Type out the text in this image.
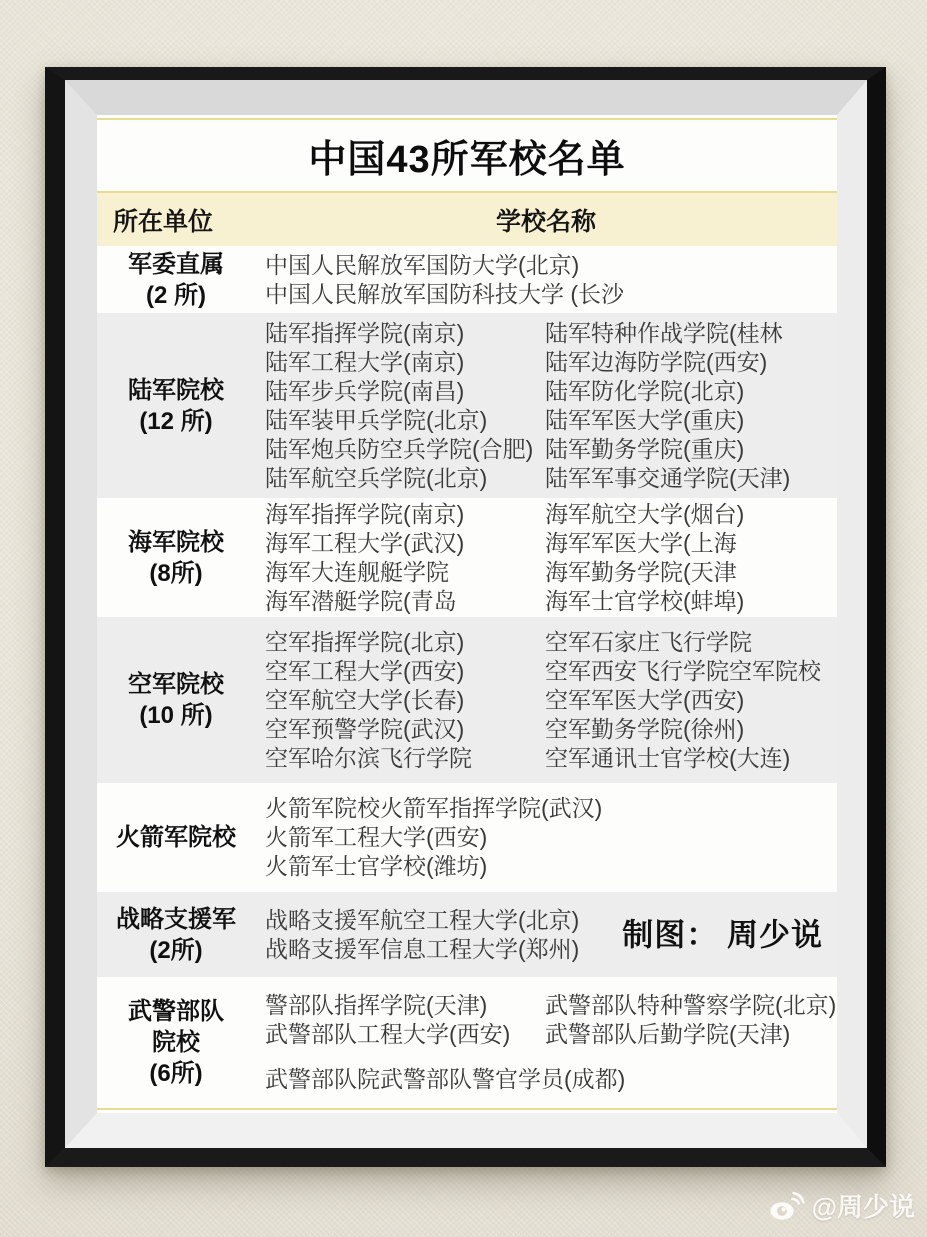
中国43所军校名单
所在单位	学校名称
军委直属
(2 所)
中国人民解放军国防大学(北京)
中国人民解放军国防科技大学 (长沙
陆军院校
(12 所)
陆军指挥学院(南京)
陆军工程大学(南京)
陆军步兵学院(南昌)
陆军装甲兵学院(北京)
陆军炮兵防空兵学院(合肥)
陆军航空兵学院(北京)
陆军特种作战学院(桂林
陆军边海防学院(西安)
陆军防化学院(北京)
陆军军医大学(重庆)
陆军勤务学院(重庆)
陆军军事交通学院(天津)
海军院校
(8所)
海军指挥学院(南京)
海军工程大学(武汉)
海军大连舰艇学院
海军潜艇学院(青岛
海军航空大学(烟台)
海军军医大学(上海
海军勤务学院(天津
海军士官学校(蚌埠)
空军院校
(10 所)
空军指挥学院(北京)
空军工程大学(西安)
空军航空大学(长春)
空军预警学院(武汉)
空军哈尔滨飞行学院
空军石家庄飞行学院
空军西安飞行学院空军院校
空军军医大学(西安)
空军勤务学院(徐州)
空军通讯士官学校(大连)
火箭军院校
火箭军院校火箭军指挥学院(武汉)
火箭军工程大学(西安)
火箭军士官学校(潍坊)
战略支援军
(2所)
战略支援军航空工程大学(北京)
战略支援军信息工程大学(郑州)	制图： 周少说
武警部队
院校
(6所)
警部队指挥学院(天津)
武警部队工程大学(西安)
武警部队特种警察学院(北京)
武警部队后勤学院(天津)
武警部队院武警部队警官学员(成都)
@周少说
